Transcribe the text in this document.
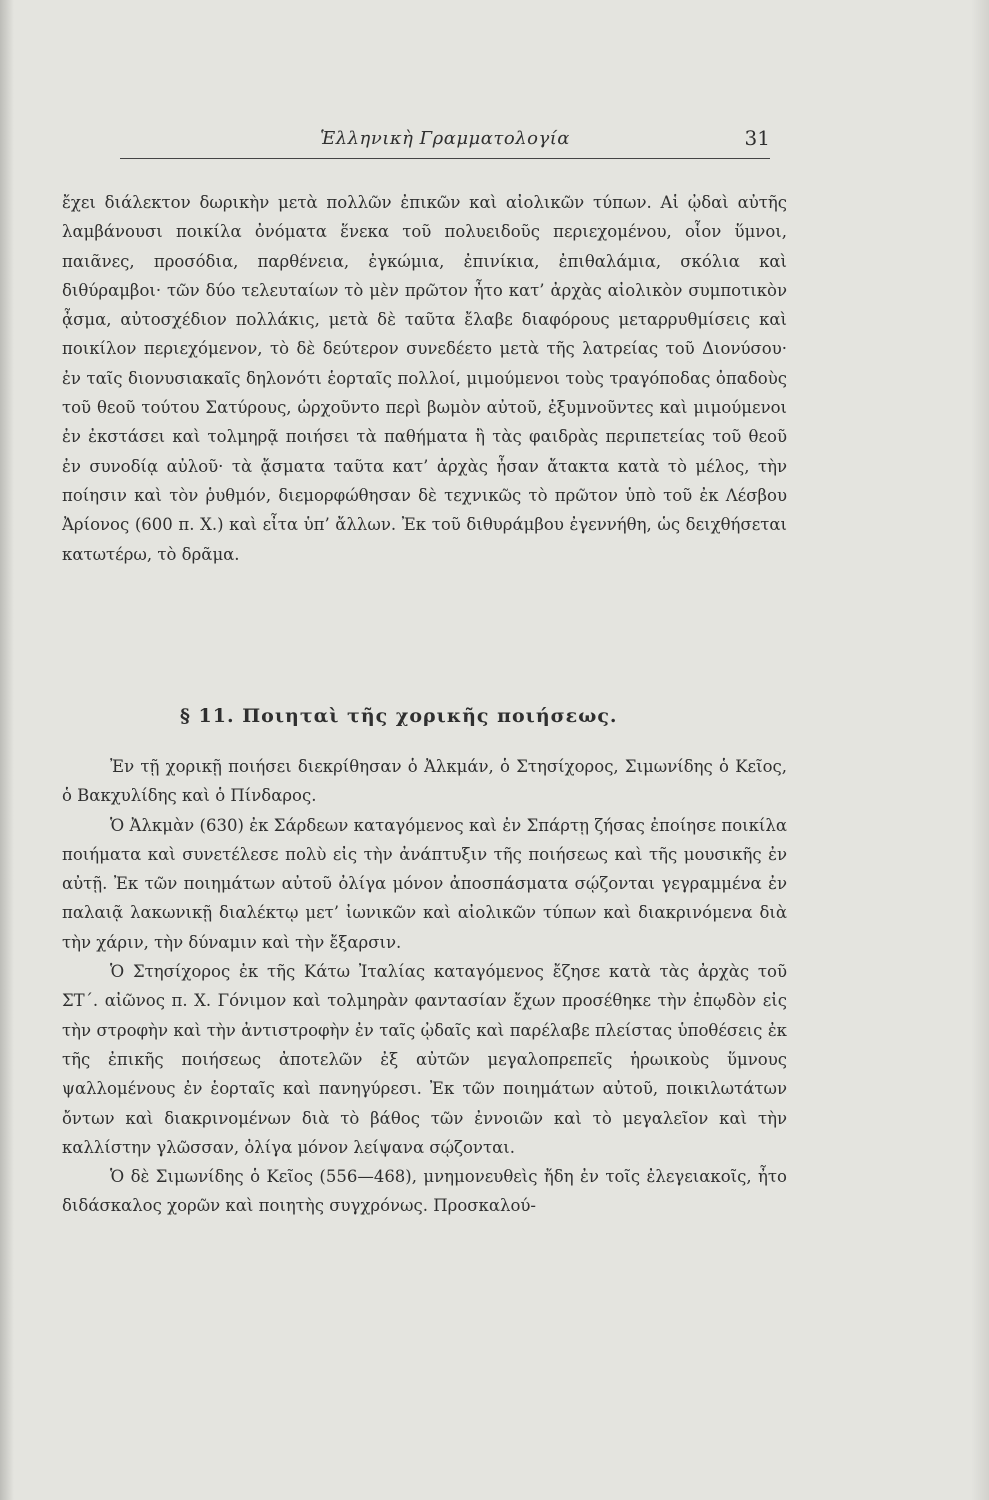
Ἑλληνικὴ Γραμματολογία	31

ἔχει διάλεκτον δωρικὴν μετὰ πολλῶν ἐπικῶν καὶ αἰολικῶν τύπων. Αἱ ᾠδαὶ αὐτῆς λαμβάνουσι ποικίλα ὀνόματα ἕνεκα τοῦ πολυειδοῦς περιεχομένου, οἷον ὕμνοι, παιᾶνες, προσόδια, παρθένεια, ἐγκώμια, ἐπινίκια, ἐπιθαλάμια, σκόλια καὶ διθύραμβοι· τῶν δύο τελευταίων τὸ μὲν πρῶτον ἦτο κατ’ ἀρχὰς αἰολικὸν συμποτικὸν ᾆσμα, αὐτοσχέδιον πολλάκις, μετὰ δὲ ταῦτα ἔλαβε διαφόρους μεταρρυθμίσεις καὶ ποικίλον περιεχόμενον, τὸ δὲ δεύτερον συνεδέετο μετὰ τῆς λατρείας τοῦ Διονύσου· ἐν ταῖς διονυσιακαῖς δηλονότι ἑορταῖς πολλοί, μιμούμενοι τοὺς τραγόποδας ὀπαδοὺς τοῦ θεοῦ τούτου Σατύρους, ὠρχοῦντο περὶ βωμὸν αὐτοῦ, ἐξυμνοῦντες καὶ μιμούμενοι ἐν ἐκστάσει καὶ τολμηρᾷ ποιήσει τὰ παθήματα ἢ τὰς φαιδρὰς περιπετείας τοῦ θεοῦ ἐν συνοδίᾳ αὐλοῦ· τὰ ᾄσματα ταῦτα κατ’ ἀρχὰς ἦσαν ἄτακτα κατὰ τὸ μέλος, τὴν ποίησιν καὶ τὸν ῥυθμόν, διεμορφώθησαν δὲ τεχνικῶς τὸ πρῶτον ὑπὸ τοῦ ἐκ Λέσβου Ἀρίονος (600 π. Χ.) καὶ εἶτα ὑπ’ ἄλλων. Ἐκ τοῦ διθυράμβου ἐγεννήθη, ὡς δειχθήσεται κατωτέρω, τὸ δρᾶμα.

§ 11. Ποιηταὶ τῆς χορικῆς ποιήσεως.

Ἐν τῇ χορικῇ ποιήσει διεκρίθησαν ὁ Ἀλκμάν, ὁ Στησίχορος, Σιμωνίδης ὁ Κεῖος, ὁ Βακχυλίδης καὶ ὁ Πίνδαρος.

Ὁ Ἀλκμὰν (630) ἐκ Σάρδεων καταγόμενος καὶ ἐν Σπάρτῃ ζήσας ἐποίησε ποικίλα ποιήματα καὶ συνετέλεσε πολὺ εἰς τὴν ἀνάπτυξιν τῆς ποιήσεως καὶ τῆς μουσικῆς ἐν αὐτῇ. Ἐκ τῶν ποιημάτων αὐτοῦ ὀλίγα μόνον ἀποσπάσματα σῴζονται γεγραμμένα ἐν παλαιᾷ λακωνικῇ διαλέκτῳ μετ’ ἰωνικῶν καὶ αἰολικῶν τύπων καὶ διακρινόμενα διὰ τὴν χάριν, τὴν δύναμιν καὶ τὴν ἔξαρσιν.

Ὁ Στησίχορος ἐκ τῆς Κάτω Ἰταλίας καταγόμενος ἔζησε κατὰ τὰς ἀρχὰς τοῦ ΣΤ΄. αἰῶνος π. Χ. Γόνιμον καὶ τολμηρὰν φαντασίαν ἔχων προσέθηκε τὴν ἐπῳδὸν εἰς τὴν στροφὴν καὶ τὴν ἀντιστροφὴν ἐν ταῖς ᾠδαῖς καὶ παρέλαβε πλείστας ὑποθέσεις ἐκ τῆς ἐπικῆς ποιήσεως ἀποτελῶν ἐξ αὐτῶν μεγαλοπρεπεῖς ἡρωικοὺς ὕμνους ψαλλομένους ἐν ἑορταῖς καὶ πανηγύρεσι. Ἐκ τῶν ποιημάτων αὐτοῦ, ποικιλωτάτων ὄντων καὶ διακρινομένων διὰ τὸ βάθος τῶν ἐννοιῶν καὶ τὸ μεγαλεῖον καὶ τὴν καλλίστην γλῶσσαν, ὀλίγα μόνον λείψανα σῴζονται.

Ὁ δὲ Σιμωνίδης ὁ Κεῖος (556—468), μνημονευθεὶς ἤδη ἐν τοῖς ἐλεγειακοῖς, ἦτο διδάσκαλος χορῶν καὶ ποιητὴς συγχρόνως. Προσκαλού-
